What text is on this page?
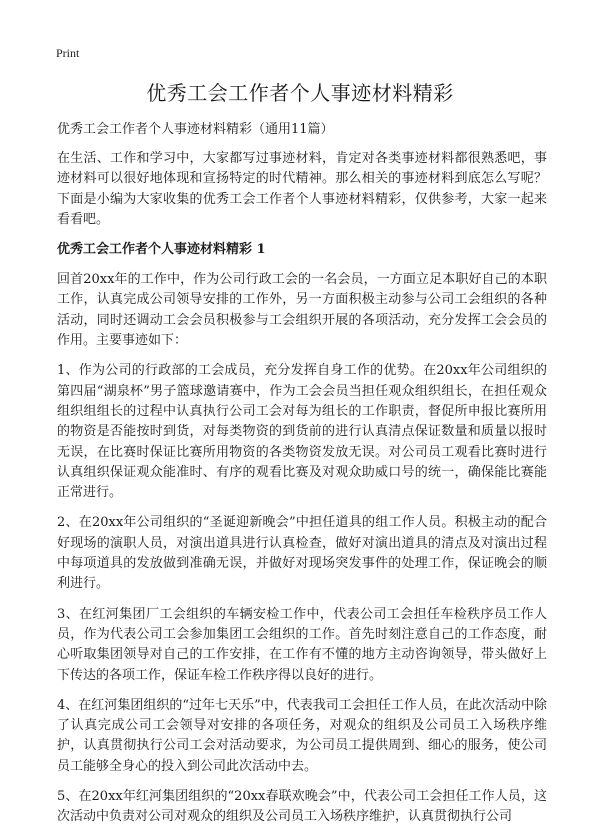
Print
优秀工会工作者个人事迹材料精彩

优秀工会工作者个人事迹材料精彩（通用11篇）

在生活、工作和学习中，大家都写过事迹材料，肯定对各类事迹材料都很熟悉吧，事迹材料可以很好地体现和宣扬特定的时代精神。那么相关的事迹材料到底怎么写呢？下面是小编为大家收集的优秀工会工作者个人事迹材料精彩，仅供参考，大家一起来看看吧。

优秀工会工作者个人事迹材料精彩 1

回首20xx年的工作中，作为公司行政工会的一名会员，一方面立足本职好自己的本职工作，认真完成公司领导安排的工作外，另一方面积极主动参与公司工会组织的各种活动，同时还调动工会会员积极参与工会组织开展的各项活动，充分发挥工会会员的作用。主要事迹如下：

1、作为公司的行政部的工会成员，充分发挥自身工作的优势。在20xx年公司组织的第四届“湖泉杯”男子篮球邀请赛中，作为工会会员当担任观众组织组长，在担任观众组织组组长的过程中认真执行公司工会对每为组长的工作职责，督促所申报比赛所用的物资是否能按时到货，对每类物资的到货前的进行认真清点保证数量和质量以报时无误，在比赛时保证比赛所用物资的各类物资发放无误。对公司员工观看比赛时进行认真组织保证观众能准时、有序的观看比赛及对观众助威口号的统一，确保能比赛能正常进行。

2、在20xx年公司组织的“圣诞迎新晚会”中担任道具的组工作人员。积极主动的配合好现场的演职人员，对演出道具进行认真检查，做好对演出道具的清点及对演出过程中每项道具的发放做到准确无误，并做好对现场突发事件的处理工作，保证晚会的顺利进行。

3、在红河集团厂工会组织的车辆安检工作中，代表公司工会担任车检秩序员工作人员，作为代表公司工会参加集团工会组织的工作。首先时刻注意自己的工作态度，耐心听取集团领导对自己的工作安排，在工作有不懂的地方主动咨询领导，带头做好上下传达的各项工作，保证车检工作秩序得以良好的进行。

4、在红河集团组织的“过年七天乐”中，代表我司工会担任工作人员，在此次活动中除了认真完成公司工会领导对安排的各项任务，对观众的组织及公司员工入场秩序维护，认真贯彻执行公司工会对活动要求，为公司员工提供周到、细心的服务，使公司员工能够全身心的投入到公司此次活动中去。

5、在20xx年红河集团组织的“20xx春联欢晚会”中，代表公司工会担任工作人员，这次活动中负责对公司对观众的组织及公司员工入场秩序维护，认真贯彻执行公司
